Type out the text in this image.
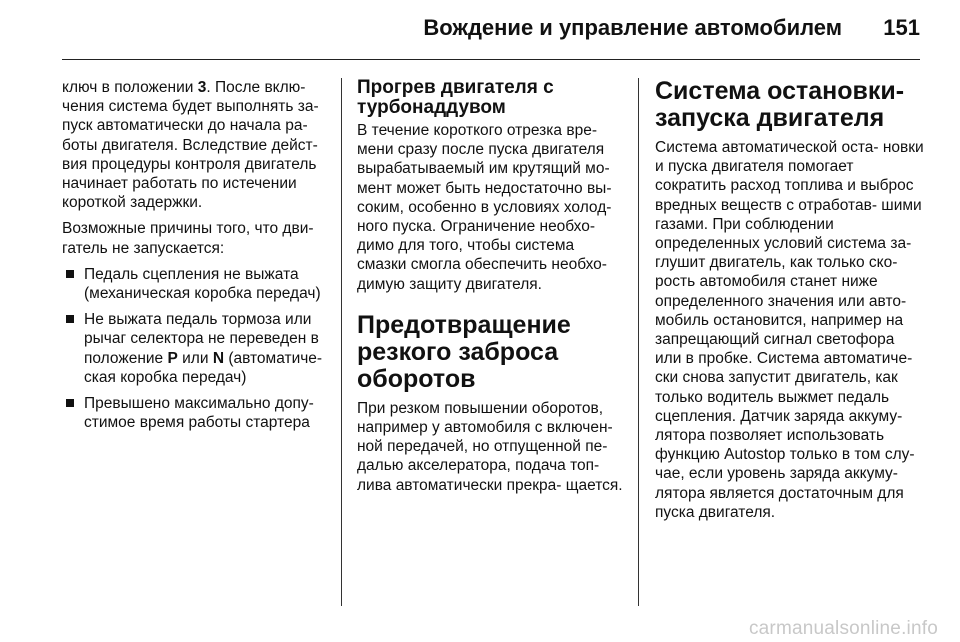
Вождение и управление автомобилем 151

ключ в положении 3. После вклю- чения система будет выполнять за- пуск автоматически до начала ра- боты двигателя. Вследствие дейст- вия процедуры контроля двигатель начинает работать по истечении короткой задержки.

Возможные причины того, что дви- гатель не запускается:

Педаль сцепления не выжата (механическая коробка передач)
Не выжата педаль тормоза или рычаг селектора не переведен в положение P или N (автоматиче- ская коробка передач)
Превышено максимально допу- стимое время работы стартера
Прогрев двигателя с турбонаддувом

В течение короткого отрезка вре- мени сразу после пуска двигателя вырабатываемый им крутящий мо- мент может быть недостаточно вы- соким, особенно в условиях холод- ного пуска. Ограничение необхо- димо для того, чтобы система смазки смогла обеспечить необхо- димую защиту двигателя.

Предотвращение резкого заброса оборотов

При резком повышении оборотов, например у автомобиля с включен- ной передачей, но отпущенной пе- далью акселератора, подача топ- лива автоматически прекра- щается.

Система остановки- запуска двигателя

Система автоматической оста- новки и пуска двигателя помогает сократить расход топлива и выброс вредных веществ с отработав- шими газами. При соблюдении определенных условий система за- глушит двигатель, как только ско- рость автомобиля станет ниже определенного значения или авто- мобиль остановится, например на запрещающий сигнал светофора или в пробке. Система автоматиче- ски снова запустит двигатель, как только водитель выжмет педаль сцепления. Датчик заряда аккуму- лятора позволяет использовать функцию Autostop только в том слу- чае, если уровень заряда аккуму- лятора является достаточным для пуска двигателя.

carmanualsonline.info
